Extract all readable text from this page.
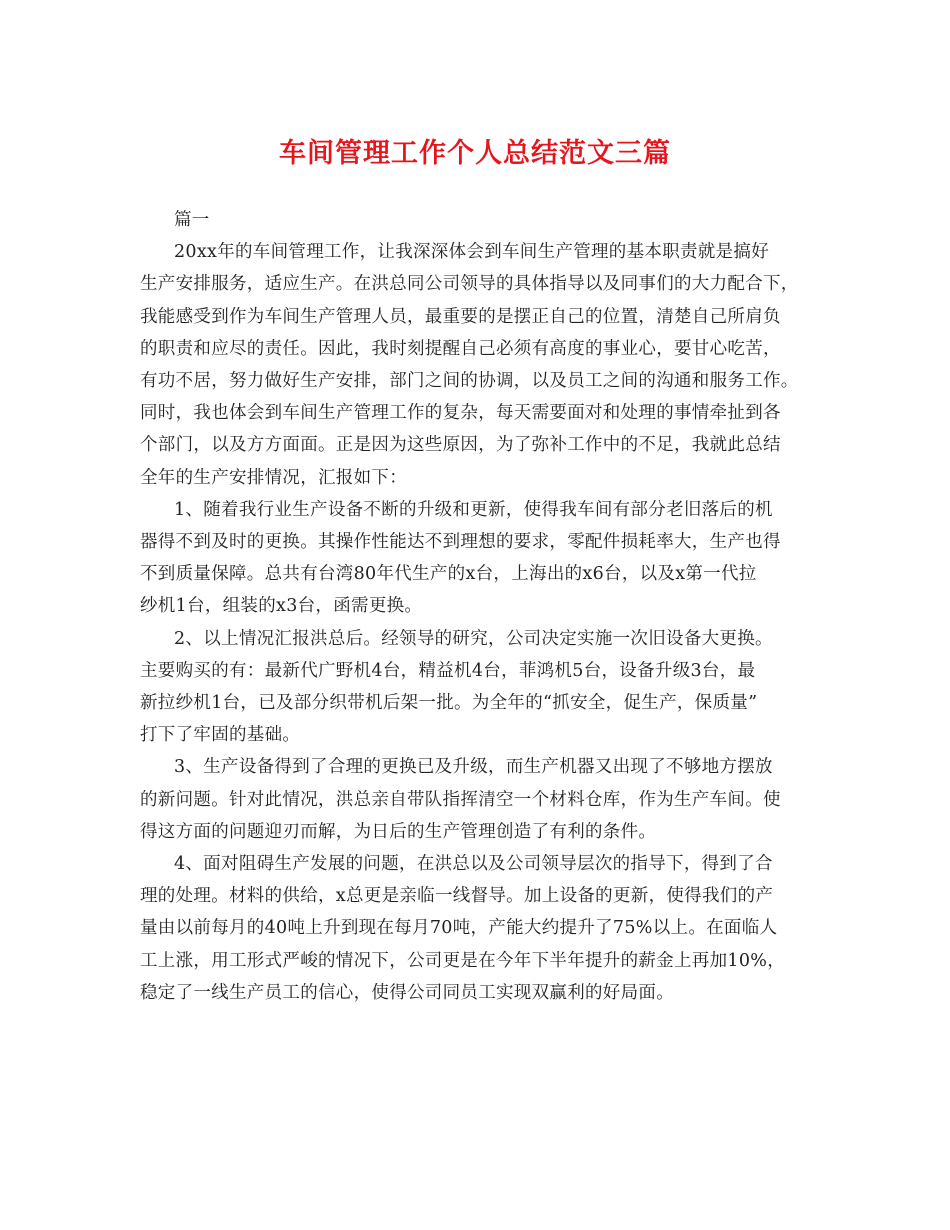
车间管理工作个人总结范文三篇
篇一
20xx年的车间管理工作，让我深深体会到车间生产管理的基本职责就是搞好
生产安排服务，适应生产。在洪总同公司领导的具体指导以及同事们的大力配合下，
我能感受到作为车间生产管理人员，最重要的是摆正自己的位置，清楚自己所肩负
的职责和应尽的责任。因此，我时刻提醒自己必须有高度的事业心，要甘心吃苦，
有功不居，努力做好生产安排，部门之间的协调，以及员工之间的沟通和服务工作。
同时，我也体会到车间生产管理工作的复杂，每天需要面对和处理的事情牵扯到各
个部门，以及方方面面。正是因为这些原因，为了弥补工作中的不足，我就此总结
全年的生产安排情况，汇报如下：
1、随着我行业生产设备不断的升级和更新，使得我车间有部分老旧落后的机
器得不到及时的更换。其操作性能达不到理想的要求，零配件损耗率大，生产也得
不到质量保障。总共有台湾80年代生产的x台，上海出的x6台，以及x第一代拉
纱机1台，组装的x3台，函需更换。
2、以上情况汇报洪总后。经领导的研究，公司决定实施一次旧设备大更换。
主要购买的有：最新代广野机4台，精益机4台，菲鸿机5台，设备升级3台，最
新拉纱机1台，已及部分织带机后架一批。为全年的“抓安全，促生产，保质量”
打下了牢固的基础。
3、生产设备得到了合理的更换已及升级，而生产机器又出现了不够地方摆放
的新问题。针对此情况，洪总亲自带队指挥清空一个材料仓库，作为生产车间。使
得这方面的问题迎刃而解，为日后的生产管理创造了有利的条件。
4、面对阻碍生产发展的问题，在洪总以及公司领导层次的指导下，得到了合
理的处理。材料的供给，x总更是亲临一线督导。加上设备的更新，使得我们的产
量由以前每月的40吨上升到现在每月70吨，产能大约提升了75%以上。在面临人
工上涨，用工形式严峻的情况下，公司更是在今年下半年提升的薪金上再加10%，
稳定了一线生产员工的信心，使得公司同员工实现双赢利的好局面。
